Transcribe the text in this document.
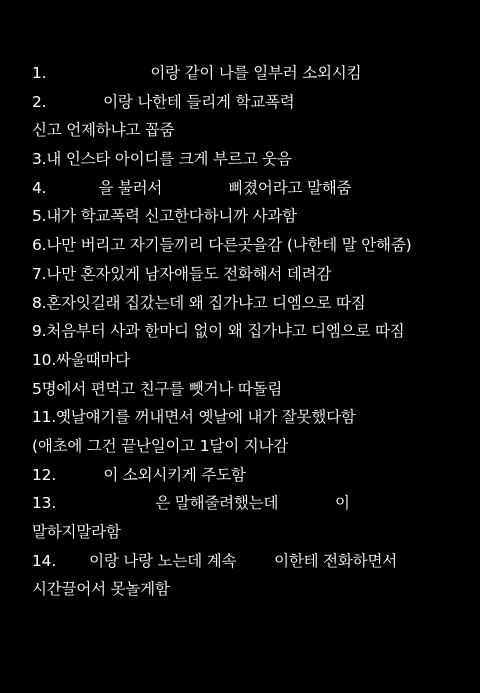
1.                      이랑 같이 나를 일부러 소외시킴
2.            이랑 나한테 들리게 학교폭력
신고 언제하냐고 꼽줌
3.내 인스타 아이디를 크게 부르고 웃음
4.           을 불러서              삐졌어라고 말해줌
5.내가 학교폭력 신고한다하니까 사과함
6.나만 버리고 자기들끼리 다른곳을감 (나한테 말 안해줌)
7.나만 혼자있게 남자애들도 전화해서 데려감
8.혼자잇길래 집갔는데 왜 집가냐고 디엠으로 따짐
9.처음부터 사과 한마디 없이 왜 집가냐고 디엠으로 따짐
10.싸울때마다
5명에서 편먹고 친구를 뺏거나 따돌림
11.옛날얘기를 꺼내면서 옛날에 내가 잘못했다함
(애초에 그건 끝난일이고 1달이 지나감
12.          이 소외시키게 주도함
13.                     은 말해줄려했는데            이
말하지말라함
14.       이랑 나랑 노는데 계속        이한테 전화하면서
시간끌어서 못놀게함
